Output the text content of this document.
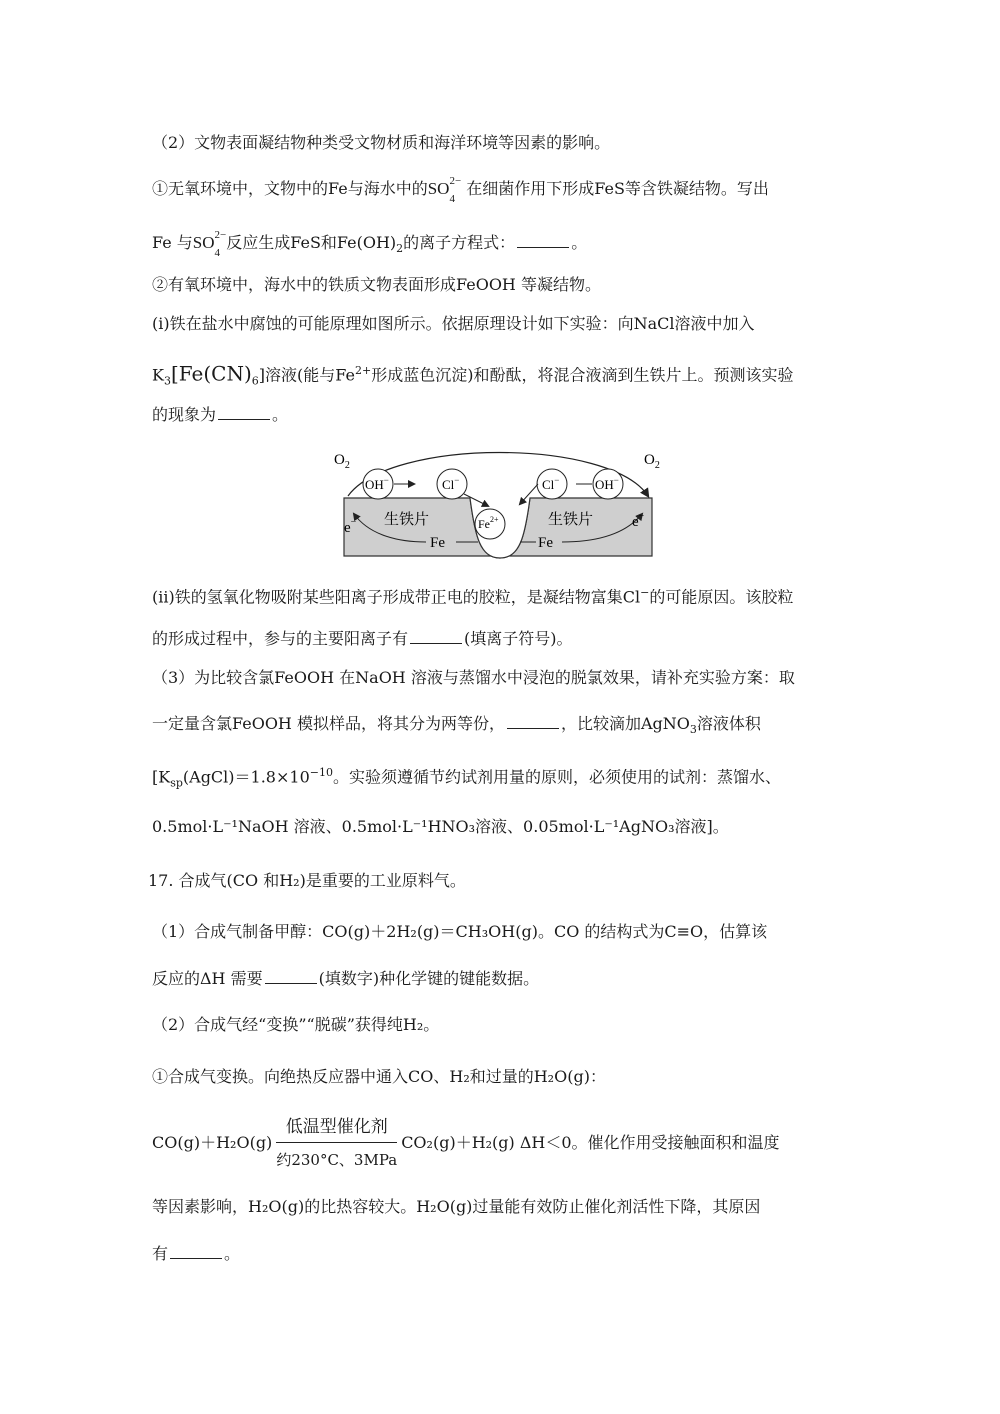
（2）文物表面凝结物种类受文物材质和海洋环境等因素的影响。
①无氧环境中，文物中的Fe与海水中的$SO^{2-}$
$_4$ 在细菌作用下形成FeS等含铁凝结物。写出
Fe 与$SO^{2-}$
$_4$反应生成FeS和$Fe(OH)_2$的离子方程式：	。
②有氧环境中，海水中的铁质文物表面形成FeOOH 等凝结物。
(i)铁在盐水中腐蚀的可能原理如图所示。依据原理设计如下实验：向NaCl溶液中加入
$K_3[Fe(CN)_6]$溶液(能与$Fe^{2+}$形成蓝色沉淀)和酚酞，将混合液滴到生铁片上。预测该实验
的现象为	。
$O_2$	$O_2$
OH−	OH−
Cl−	Cl−
$Fe^{2+}$
生铁片	生铁片
Fe	Fe
e−	e−
(ii)铁的氢氧化物吸附某些阳离子形成带正电的胶粒，是凝结物富集Cl−的可能原因。该胶粒
的形成过程中，参与的主要阳离子有	(填离子符号)。
（3）为比较含氯FeOOH 在NaOH 溶液与蒸馏水中浸泡的脱氯效果，请补充实验方案：取
一定量含氯FeOOH 模拟样品，将其分为两等份，	，比较滴加AgNO$_3$溶液体积
[$K_{sp}(AgCl)=1.8\times 10^{-10}$。实验须遵循节约试剂用量的原则，必须使用的试剂：蒸馏水、
0.5mol·L⁻¹NaOH 溶液、0.5mol·L⁻¹HNO₃溶液、0.05mol·L⁻¹AgNO₃溶液]。
17. 合成气(CO 和H₂)是重要的工业原料气。
（1）合成气制备甲醇：CO(g)＋2H₂(g)＝CH₃OH(g)。CO 的结构式为C≡O，估算该
反应的ΔH 需要	(填数字)种化学键的键能数据。
（2）合成气经“变换”“脱碳”获得纯H₂。
①合成气变换。向绝热反应器中通入CO、H₂和过量的H₂O(g)：
$CO(g)+H_2O(g) \frac{\text{低温型催化剂}}{\text{约230°C、3MPa}} CO_2(g)+H_2(g)$ ΔH＜0。催化作用受接触面积和温度
等因素影响，H₂O(g)的比热容较大。H₂O(g)过量能有效防止催化剂活性下降，其原因
有	。
